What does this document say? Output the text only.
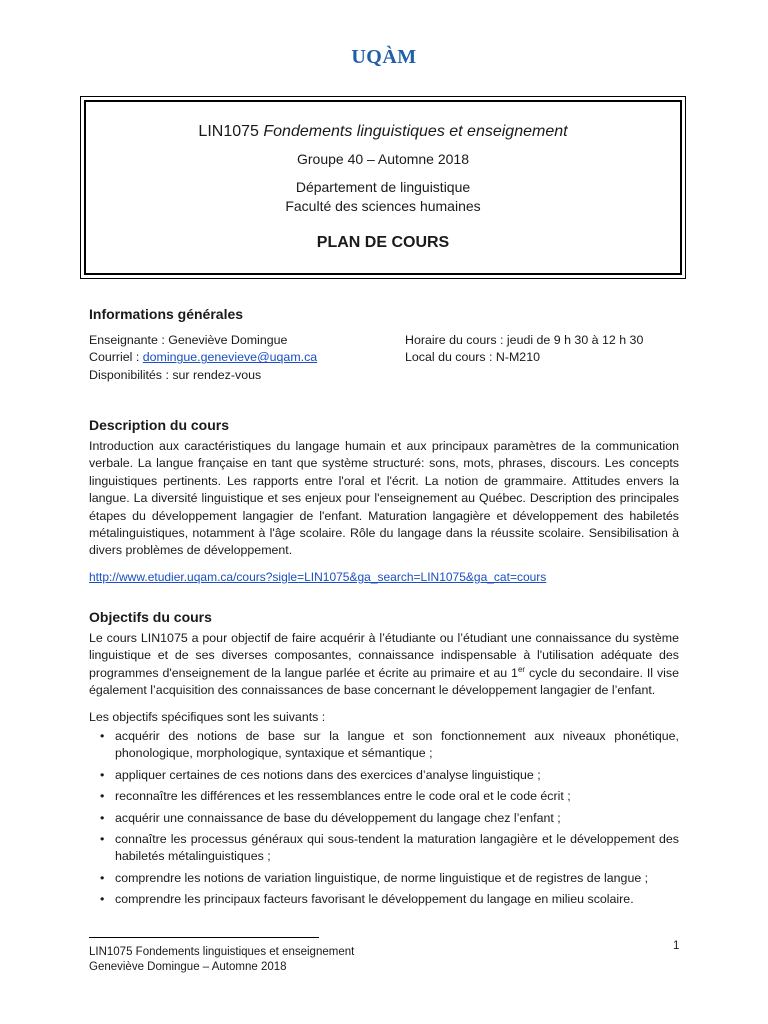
UQÀM
LIN1075 Fondements linguistiques et enseignement
Groupe 40 – Automne 2018
Département de linguistique
Faculté des sciences humaines
PLAN DE COURS
Informations générales
Enseignante : Geneviève Domingue
Courriel : domingue.genevieve@uqam.ca
Disponibilités : sur rendez-vous
Horaire du cours : jeudi de 9 h 30 à 12 h 30
Local du cours : N-M210
Description du cours

Introduction aux caractéristiques du langage humain et aux principaux paramètres de la communication verbale. La langue française en tant que système structuré: sons, mots, phrases, discours. Les concepts linguistiques pertinents. Les rapports entre l'oral et l'écrit. La notion de grammaire. Attitudes envers la langue. La diversité linguistique et ses enjeux pour l'enseignement au Québec. Description des principales étapes du développement langagier de l'enfant. Maturation langagière et développement des habiletés métalinguistiques, notamment à l'âge scolaire. Rôle du langage dans la réussite scolaire. Sensibilisation à divers problèmes de développement.

http://www.etudier.uqam.ca/cours?sigle=LIN1075&ga_search=LIN1075&ga_cat=cours

Objectifs du cours

Le cours LIN1075 a pour objectif de faire acquérir à l’étudiante ou l’étudiant une connaissance du système linguistique et de ses diverses composantes, connaissance indispensable à l'utilisation adéquate des programmes d'enseignement de la langue parlée et écrite au primaire et au 1er cycle du secondaire. Il vise également l’acquisition des connaissances de base concernant le développement langagier de l’enfant.

Les objectifs spécifiques sont les suivants :

• acquérir des notions de base sur la langue et son fonctionnement aux niveaux phonétique, phonologique, morphologique, syntaxique et sémantique ;
• appliquer certaines de ces notions dans des exercices d’analyse linguistique ;
• reconnaître les différences et les ressemblances entre le code oral et le code écrit ;
• acquérir une connaissance de base du développement du langage chez l’enfant ;
• connaître les processus généraux qui sous-tendent la maturation langagière et le développement des habiletés métalinguistiques ;
• comprendre les notions de variation linguistique, de norme linguistique et de registres de langue ;
• comprendre les principaux facteurs favorisant le développement du langage en milieu scolaire.
LIN1075 Fondements linguistiques et enseignement
Geneviève Domingue – Automne 2018
1
